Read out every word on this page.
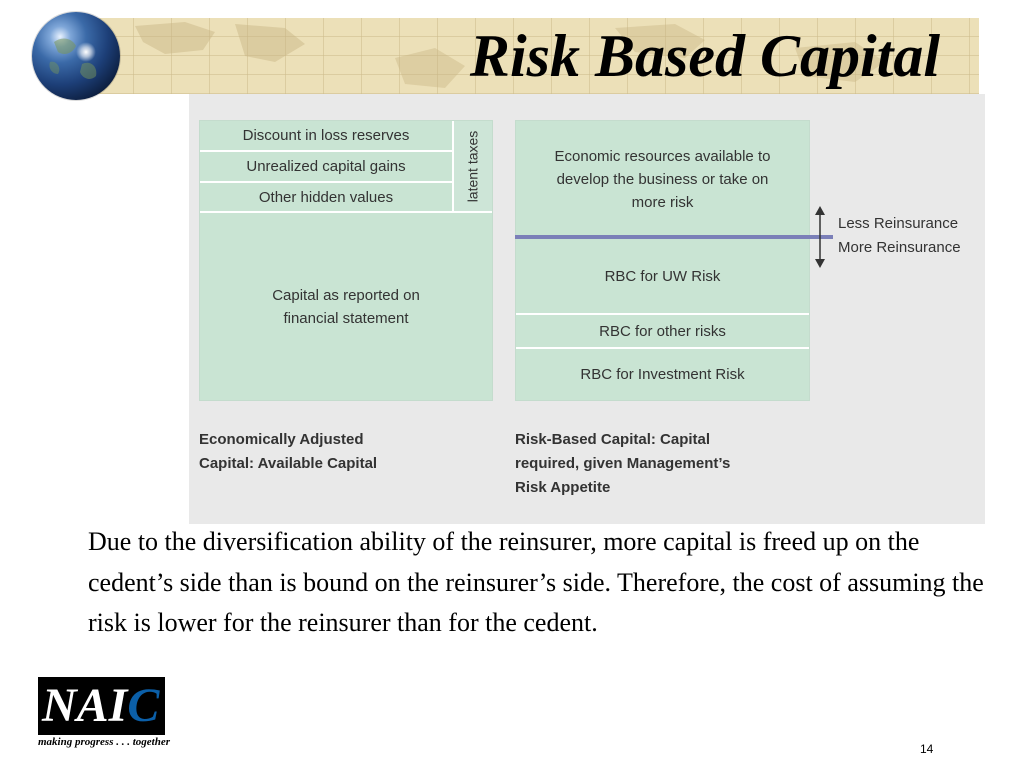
Risk Based Capital
Discount in loss reserves
Unrealized capital gains
Other hidden values	latent taxes
Capital as reported on financial statement
Economically Adjusted
Capital: Available Capital
Economic resources available to develop the business or take on more risk
RBC for UW Risk
RBC for other risks
RBC for Investment Risk
Less Reinsurance
More Reinsurance
Risk-Based Capital: Capital
required, given Management’s
Risk Appetite
Due to the diversification ability of the reinsurer, more capital is freed up on the cedent’s side than is bound on the reinsurer’s side. Therefore, the cost of assuming the risk is lower for the reinsurer than for the cedent.
NAIC
making progress . . . together	14
